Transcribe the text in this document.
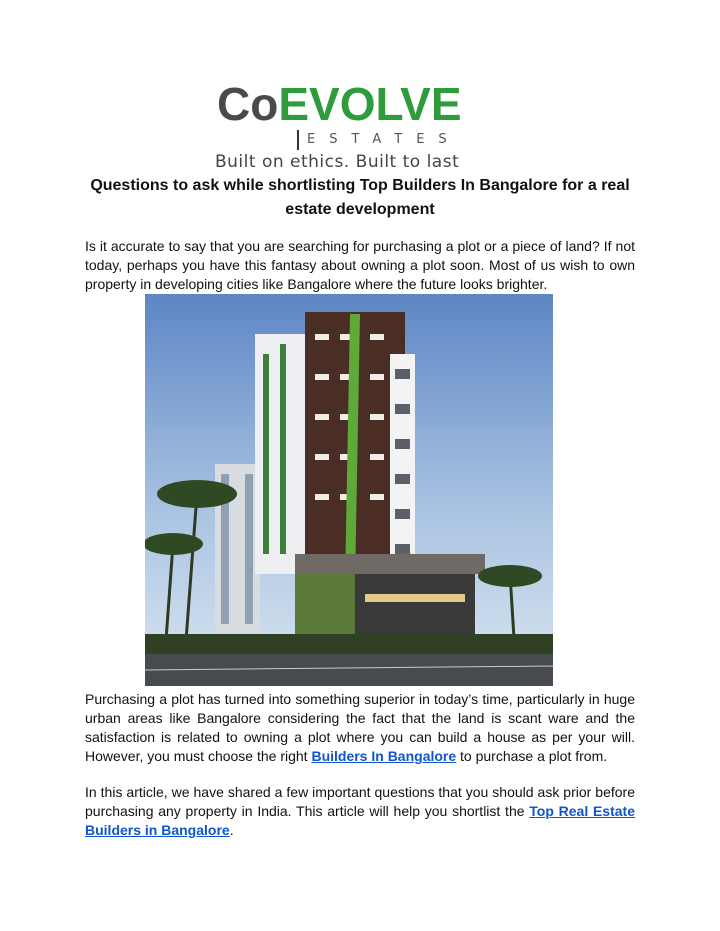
CoEVOLVE
ESTATES
Built on ethics. Built to last
Questions to ask while shortlisting Top Builders In Bangalore for a real estate development

Is it accurate to say that you are searching for purchasing a plot or a piece of land? If not today, perhaps you have this fantasy about owning a plot soon. Most of us wish to own property in developing cities like Bangalore where the future looks brighter.

Purchasing a plot has turned into something superior in today’s time, particularly in huge urban areas like Bangalore considering the fact that the land is scant ware and the satisfaction is related to owning a plot where you can build a house as per your will. However, you must choose the right Builders In Bangalore to purchase a plot from.

In this article, we have shared a few important questions that you should ask prior before purchasing any property in India. This article will help you shortlist the Top Real Estate Builders in Bangalore.
